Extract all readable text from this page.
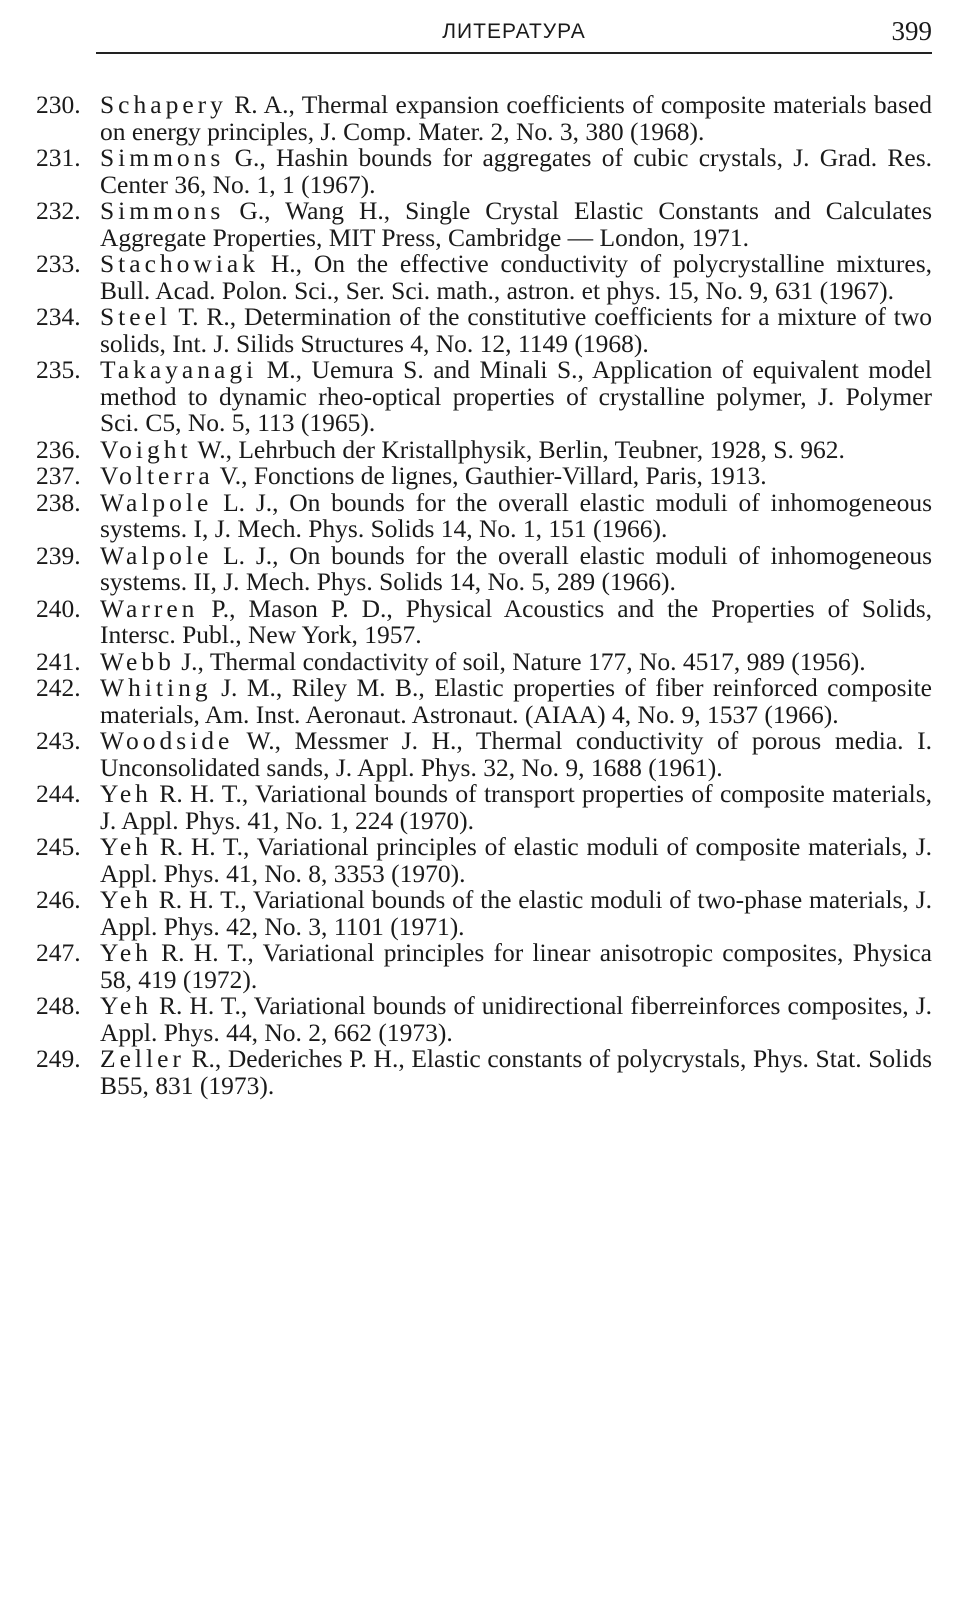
ЛИТЕРАТУРА	399
230. Schapery R. A., Thermal expansion coefficients of composite materials based on energy principles, J. Comp. Mater. 2, No. 3, 380 (1968).
231. Simmons G., Hashin bounds for aggregates of cubic crystals, J. Grad. Res. Center 36, No. 1, 1 (1967).
232. Simmons G., Wang H., Single Crystal Elastic Constants and Calculates Aggregate Properties, MIT Press, Cambridge — London, 1971.
233. Stachowiak H., On the effective conductivity of polycrystalline mixtures, Bull. Acad. Polon. Sci., Ser. Sci. math., astron. et phys. 15, No. 9, 631 (1967).
234. Steel T. R., Determination of the constitutive coefficients for a mixture of two solids, Int. J. Silids Structures 4, No. 12, 1149 (1968).
235. Takayanagi M., Uemura S. and Minali S., Application of equivalent model method to dynamic rheo-optical properties of crystalline polymer, J. Polymer Sci. C5, No. 5, 113 (1965).
236. Voight W., Lehrbuch der Kristallphysik, Berlin, Teubner, 1928, S. 962.
237. Volterra V., Fonctions de lignes, Gauthier-Villard, Paris, 1913.
238. Walpole L. J., On bounds for the overall elastic moduli of inhomogeneous systems. I, J. Mech. Phys. Solids 14, No. 1, 151 (1966).
239. Walpole L. J., On bounds for the overall elastic moduli of inhomogeneous systems. II, J. Mech. Phys. Solids 14, No. 5, 289 (1966).
240. Warren P., Mason P. D., Physical Acoustics and the Properties of Solids, Intersc. Publ., New York, 1957.
241. Webb J., Thermal condactivity of soil, Nature 177, No. 4517, 989 (1956).
242. Whiting J. M., Riley M. B., Elastic properties of fiber reinforced composite materials, Am. Inst. Aeronaut. Astronaut. (AIAA) 4, No. 9, 1537 (1966).
243. Woodside W., Messmer J. H., Thermal conductivity of porous media. I. Unconsolidated sands, J. Appl. Phys. 32, No. 9, 1688 (1961).
244. Yeh R. H. T., Variational bounds of transport properties of composite materials, J. Appl. Phys. 41, No. 1, 224 (1970).
245. Yeh R. H. T., Variational principles of elastic moduli of composite materials, J. Appl. Phys. 41, No. 8, 3353 (1970).
246. Yeh R. H. T., Variational bounds of the elastic moduli of two-phase materials, J. Appl. Phys. 42, No. 3, 1101 (1971).
247. Yeh R. H. T., Variational principles for linear anisotropic composites, Physica 58, 419 (1972).
248. Yeh R. H. T., Variational bounds of unidirectional fiberreinforces composites, J. Appl. Phys. 44, No. 2, 662 (1973).
249. Zeller R., Dederiches P. H., Elastic constants of polycrystals, Phys. Stat. Solids B55, 831 (1973).
